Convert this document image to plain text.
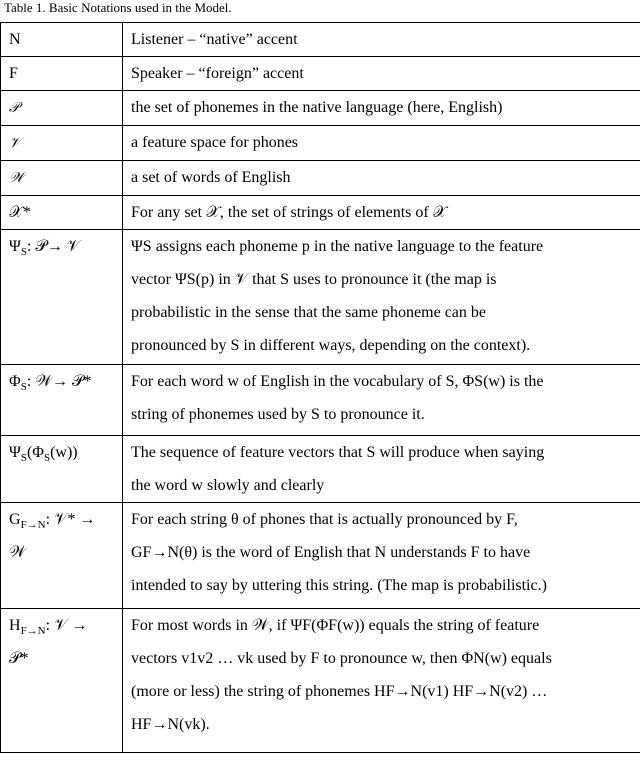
Table 1. Basic Notations used in the Model.
N	Listener – “native” accent
F	Speaker – “foreign” accent
𝒫	the set of phonemes in the native language (here, English)
𝒱	a feature space for phones
𝒲	a set of words of English
𝒳*	For any set 𝒳, the set of strings of elements of 𝒳

$\Psi_S$: 𝒫→ 𝒱	ΨS assigns each phoneme p in the native language to the feature
vector ΨS(p) in 𝒱 that S uses to pronounce it (the map is
probabilistic in the sense that the same phoneme can be
pronounced by S in different ways, depending on the context).

$\Phi_S$: 𝒲→ 𝒫*	For each word w of English in the vocabulary of S, ΦS(w) is the
string of phonemes used by S to pronounce it.

$\Psi_S(\Phi_S(w))$	The sequence of feature vectors that S will produce when saying
the word w slowly and clearly

$G_{F\to N}$: 𝒱* →
𝒲	For each string θ of phones that is actually pronounced by F,
GF→N(θ) is the word of English that N understands F to have
intended to say by uttering this string. (The map is probabilistic.)

$H_{F\to N}$: 𝒱 →
𝒫*	For most words in 𝒲, if ΨF(ΦF(w)) equals the string of feature
vectors v1v2 … vk used by F to pronounce w, then ΦN(w) equals
(more or less) the string of phonemes HF→N(v1) HF→N(v2) …
HF→N(vk).
